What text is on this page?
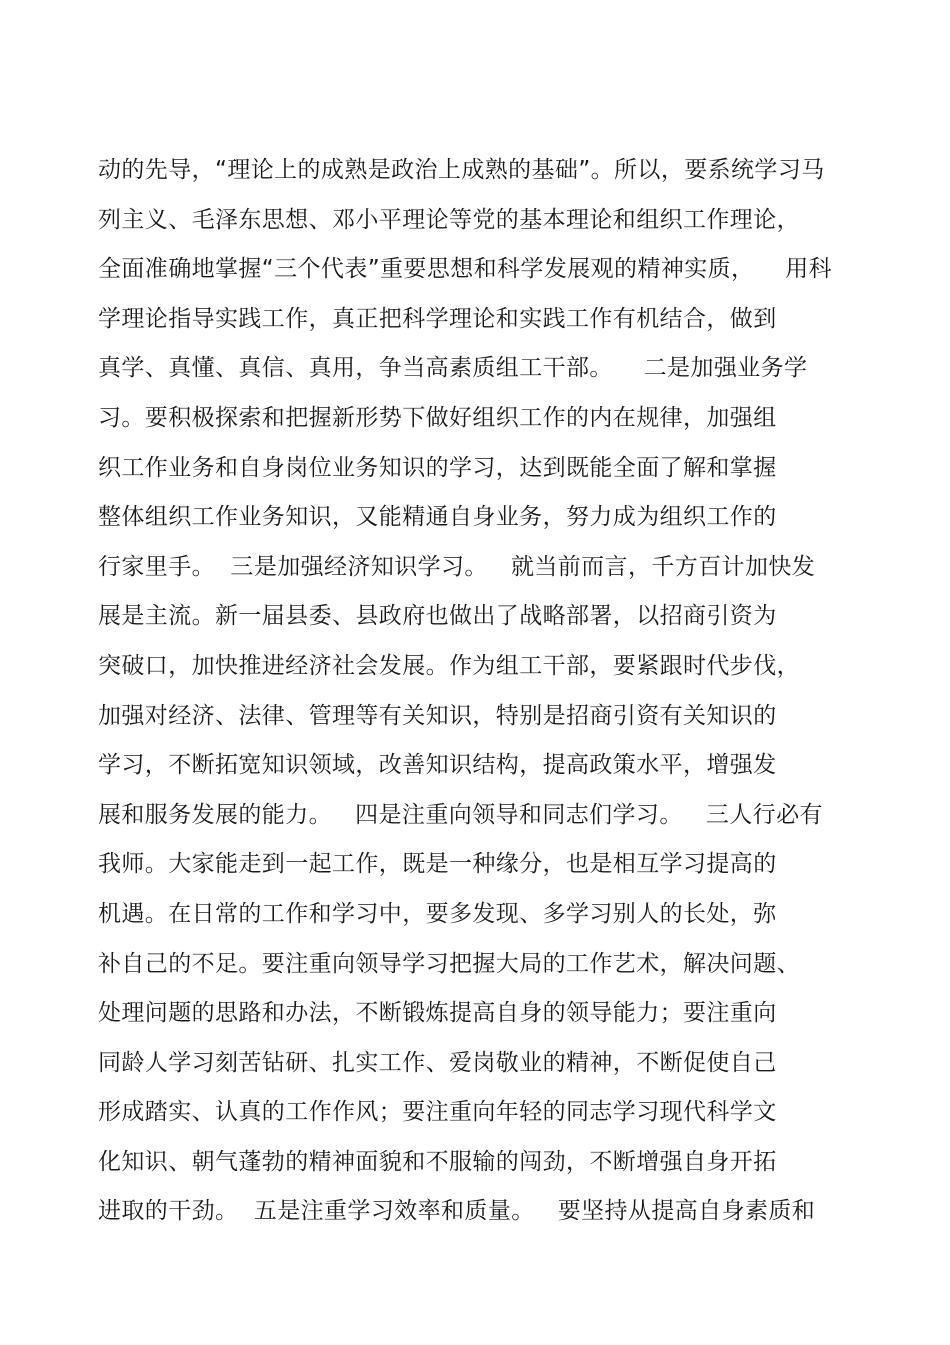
动的先导，“理论上的成熟是政治上成熟的基础”。所以，要系统学习马
列主义、毛泽东思想、邓小平理论等党的基本理论和组织工作理论，
全面准确地掌握“三个代表”重要思想和科学发展观的精神实质，    用科
学理论指导实践工作，真正把科学理论和实践工作有机结合，做到
真学、真懂、真信、真用，争当高素质组工干部。    二是加强业务学
习。要积极探索和把握新形势下做好组织工作的内在规律，加强组
织工作业务和自身岗位业务知识的学习，达到既能全面了解和掌握
整体组织工作业务知识，又能精通自身业务，努力成为组织工作的
行家里手。  三是加强经济知识学习。   就当前而言，千方百计加快发
展是主流。新一届县委、县政府也做出了战略部署，以招商引资为
突破口，加快推进经济社会发展。作为组工干部，要紧跟时代步伐，
加强对经济、法律、管理等有关知识，特别是招商引资有关知识的
学习，不断拓宽知识领域，改善知识结构，提高政策水平，增强发
展和服务发展的能力。   四是注重向领导和同志们学习。   三人行必有
我师。大家能走到一起工作，既是一种缘分，也是相互学习提高的
机遇。在日常的工作和学习中，要多发现、多学习别人的长处，弥
补自己的不足。要注重向领导学习把握大局的工作艺术，解决问题、
处理问题的思路和办法，不断锻炼提高自身的领导能力；要注重向
同龄人学习刻苦钻研、扎实工作、爱岗敬业的精神，不断促使自己
形成踏实、认真的工作作风；要注重向年轻的同志学习现代科学文
化知识、朝气蓬勃的精神面貌和不服输的闯劲，不断增强自身开拓
进取的干劲。  五是注重学习效率和质量。   要坚持从提高自身素质和
